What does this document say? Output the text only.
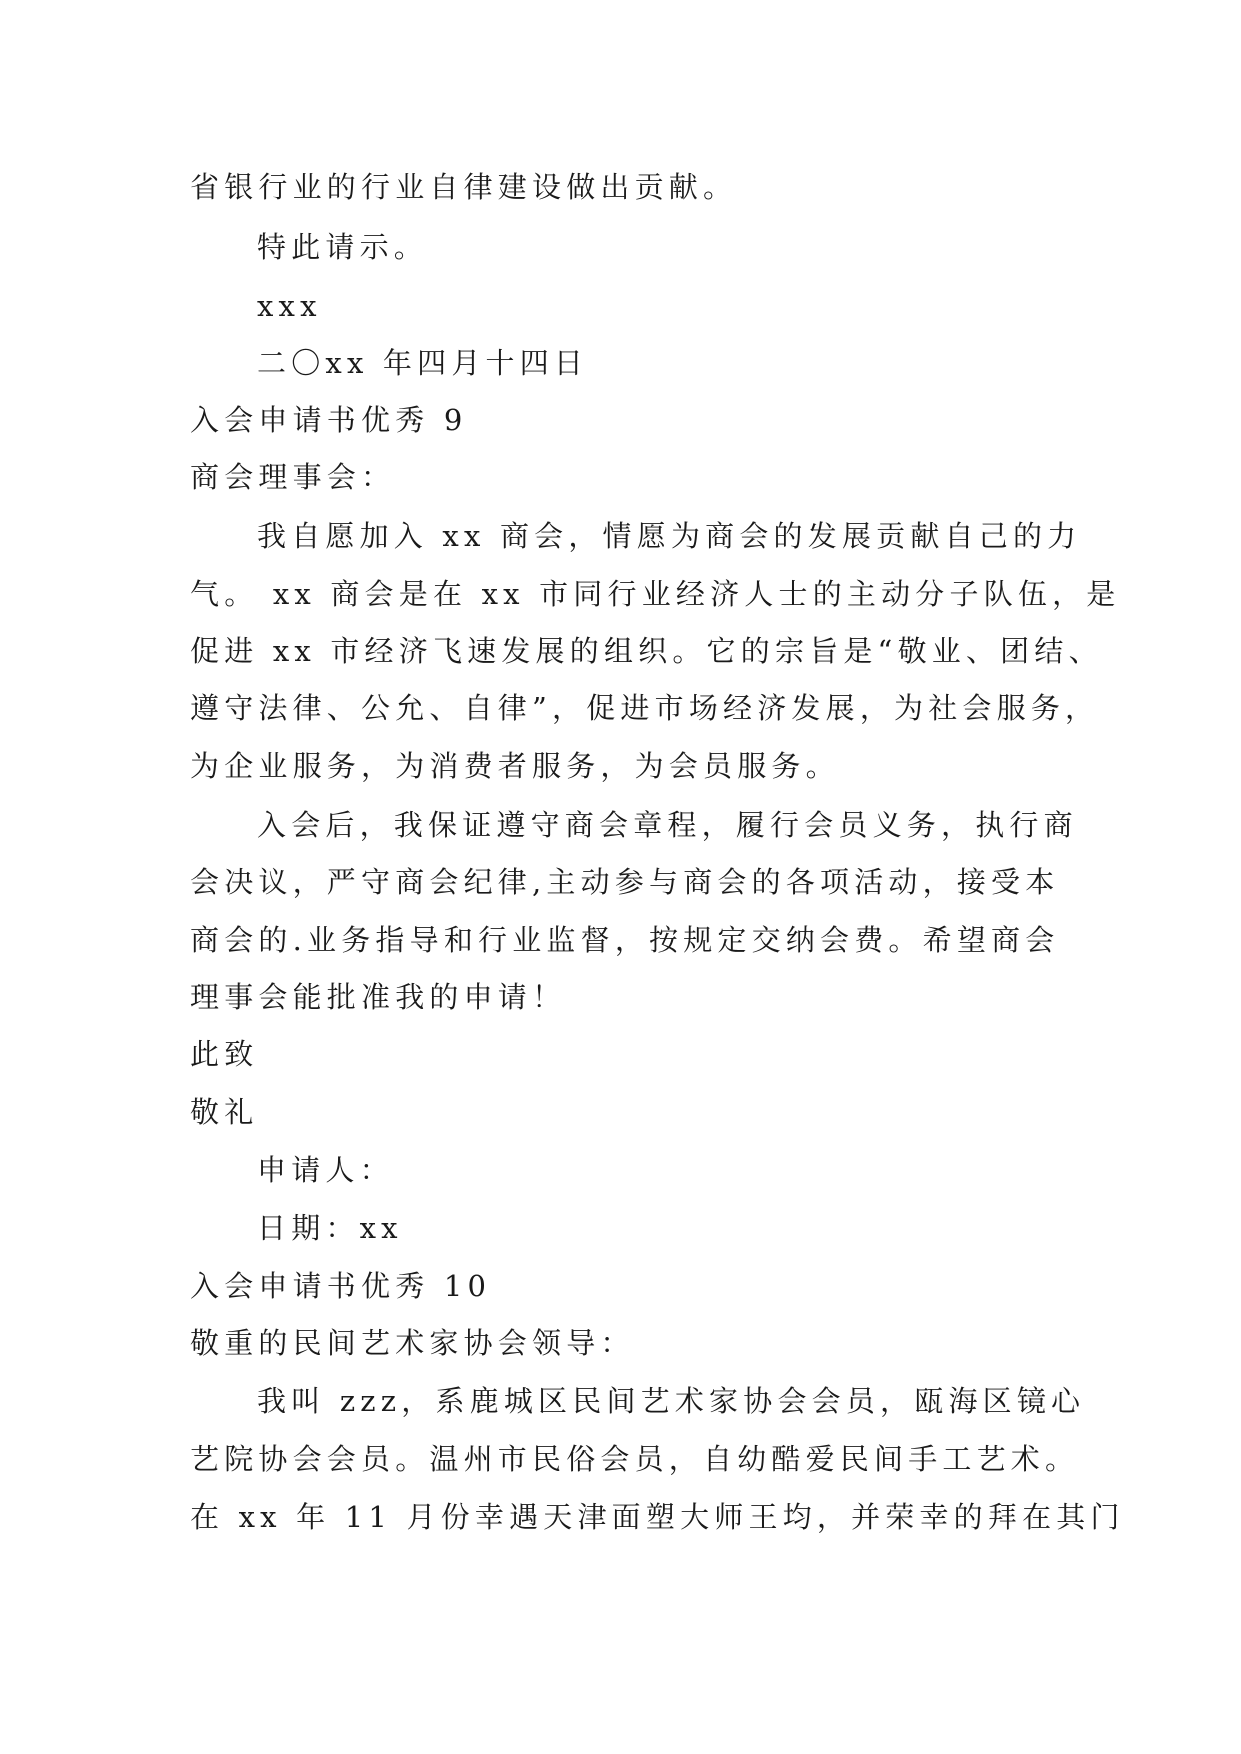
省银行业的行业自律建设做出贡献。
特此请示。
xxx
二〇xx 年四月十四日
入会申请书优秀 9
商会理事会：
我自愿加入 xx 商会，情愿为商会的发展贡献自己的力
气。 xx 商会是在 xx 市同行业经济人士的主动分子队伍，是
促进 xx 市经济飞速发展的组织。它的宗旨是“敬业、团结、
遵守法律、公允、自律”，促进市场经济发展，为社会服务，
为企业服务，为消费者服务，为会员服务。
入会后，我保证遵守商会章程，履行会员义务，执行商
会决议，严守商会纪律,主动参与商会的各项活动，接受本
商会的.业务指导和行业监督，按规定交纳会费。希望商会
理事会能批准我的申请！
此致
敬礼
申请人：
日期：xx
入会申请书优秀 10
敬重的民间艺术家协会领导：
我叫 zzz，系鹿城区民间艺术家协会会员，瓯海区镜心
艺院协会会员。温州市民俗会员，自幼酷爱民间手工艺术。
在 xx 年 11 月份幸遇天津面塑大师王均，并荣幸的拜在其门
